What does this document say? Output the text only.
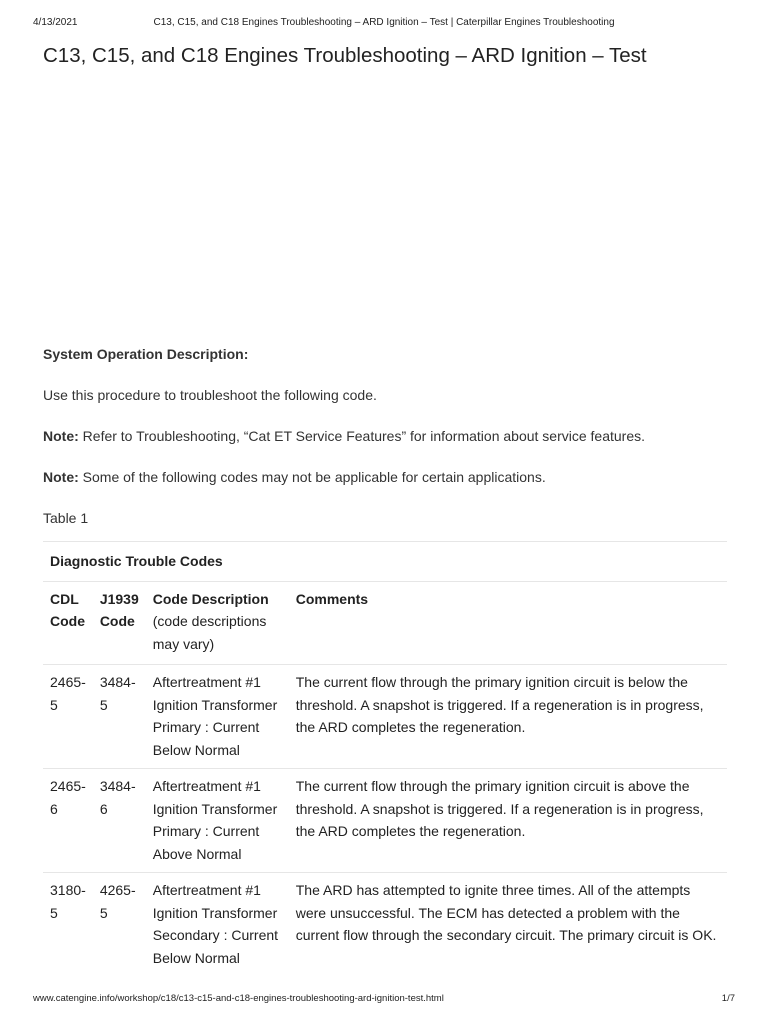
4/13/2021	C13, C15, and C18 Engines Troubleshooting – ARD Ignition – Test | Caterpillar Engines Troubleshooting
C13, C15, and C18 Engines Troubleshooting – ARD Ignition – Test

System Operation Description:

Use this procedure to troubleshoot the following code.

Note: Refer to Troubleshooting, “Cat ET Service Features” for information about service features.

Note: Some of the following codes may not be applicable for certain applications.

Table 1

Diagnostic Trouble Codes			
CDL Code	J1939 Code	Code Description (code descriptions may vary)	Comments
2465-5	3484-5	Aftertreatment #1 Ignition Transformer Primary : Current Below Normal	The current flow through the primary ignition circuit is below the threshold. A snapshot is triggered. If a regeneration is in progress, the ARD completes the regeneration.
2465-6	3484-6	Aftertreatment #1 Ignition Transformer Primary : Current Above Normal	The current flow through the primary ignition circuit is above the threshold. A snapshot is triggered. If a regeneration is in progress, the ARD completes the regeneration.
3180-5	4265-5	Aftertreatment #1 Ignition Transformer Secondary : Current Below Normal	The ARD has attempted to ignite three times. All of the attempts were unsuccessful. The ECM has detected a problem with the current flow through the secondary circuit. The primary circuit is OK.
www.catengine.info/workshop/c18/c13-c15-and-c18-engines-troubleshooting-ard-ignition-test.html	1/7
